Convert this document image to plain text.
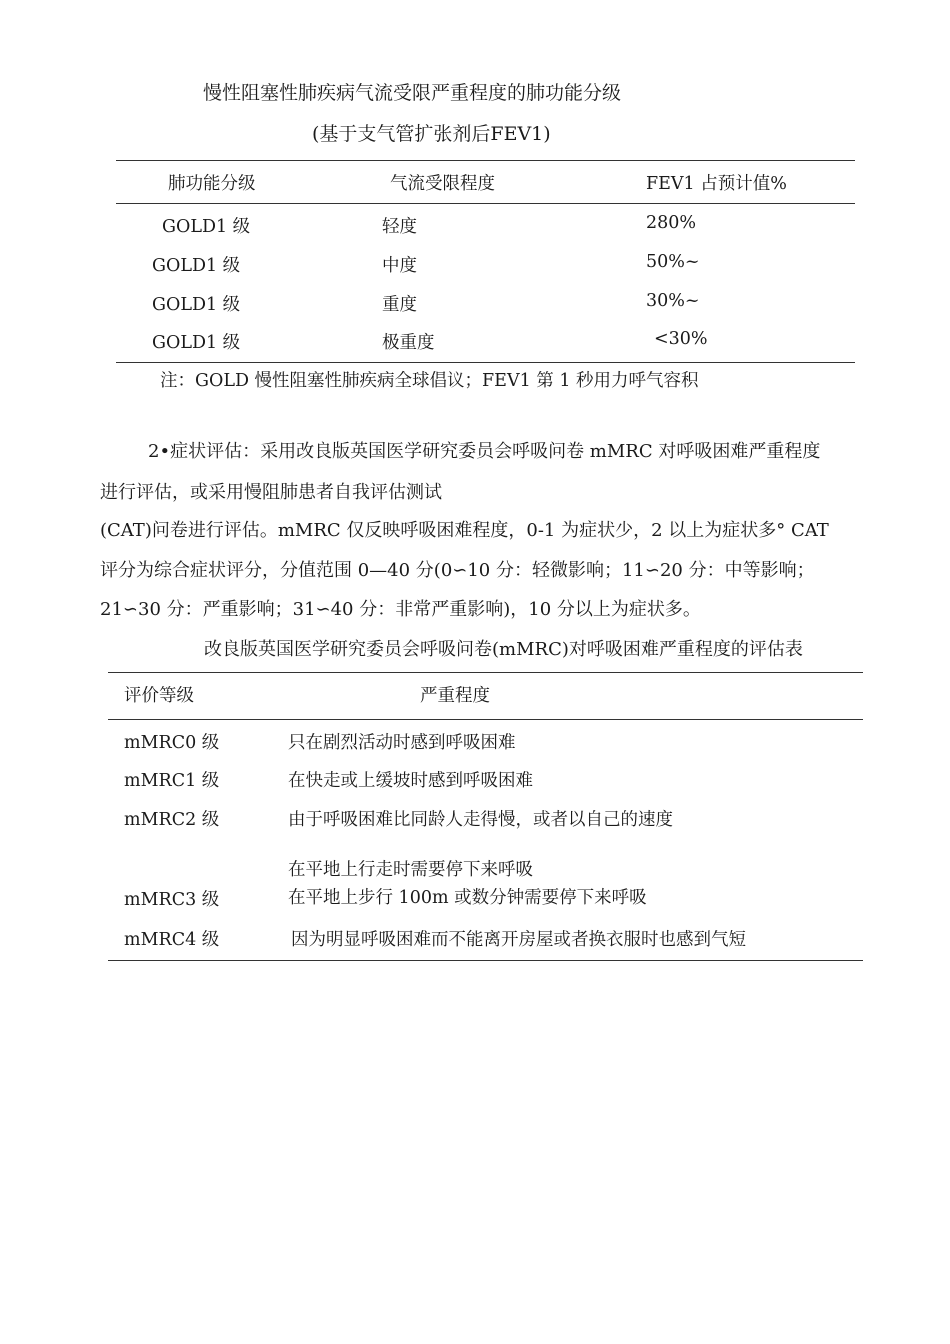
慢性阻塞性肺疾病气流受限严重程度的肺功能分级
(基于支气管扩张剂后FEV1)
肺功能分级	气流受限程度	FEV1 占预计值%
GOLD1 级	轻度	280%
GOLD1 级	中度	50%~
GOLD1 级	重度	30%~
GOLD1 级	极重度	<30%
注：GOLD 慢性阻塞性肺疾病全球倡议；FEV1 第 1 秒用力呼气容积
2•症状评估：采用改良版英国医学研究委员会呼吸问卷 mMRC 对呼吸困难严重程度
进行评估，或采用慢阻肺患者自我评估测试
(CAT)问卷进行评估。mMRC 仅反映呼吸困难程度，0-1 为症状少，2 以上为症状多° CAT
评分为综合症状评分，分值范围 0—40 分(0∽10 分：轻微影响；11∽20 分：中等影响；
21∽30 分：严重影响；31∽40 分：非常严重影响)，10 分以上为症状多。
改良版英国医学研究委员会呼吸问卷(mMRC)对呼吸困难严重程度的评估表
评价等级	严重程度
mMRC0 级	只在剧烈活动时感到呼吸困难
mMRC1 级	在快走或上缓坡时感到呼吸困难
mMRC2 级	由于呼吸困难比同龄人走得慢，或者以自己的速度
在平地上行走时需要停下来呼吸
mMRC3 级	在平地上步行 100m 或数分钟需要停下来呼吸
mMRC4 级	因为明显呼吸困难而不能离开房屋或者换衣服时也感到气短
